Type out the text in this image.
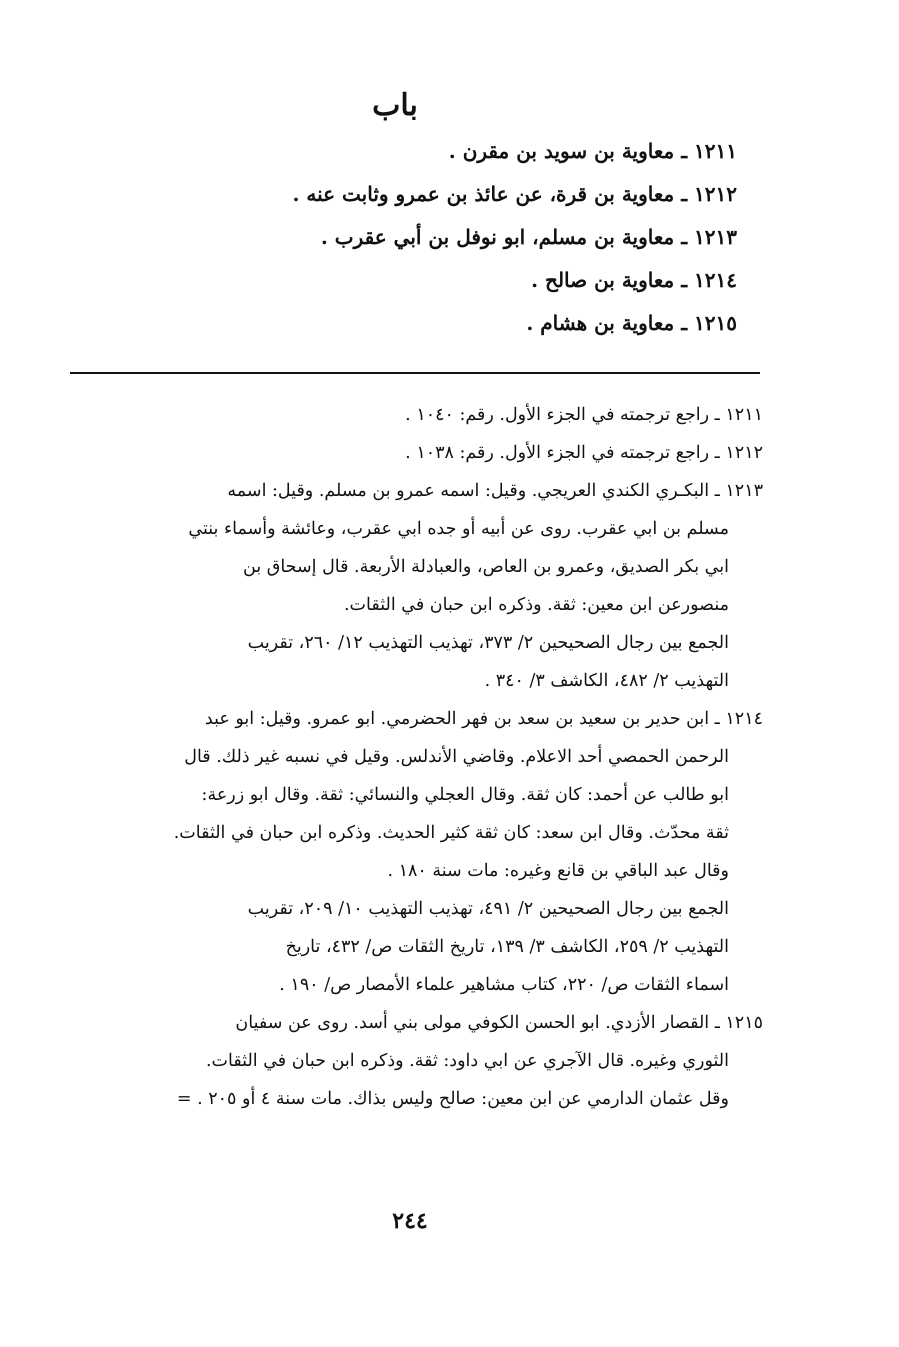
باب
١٢١١ ـ معاوية بن سويد بن مقرن .
١٢١٢ ـ معاوية بن قرة، عن عائذ بن عمرو وثابت عنه .
١٢١٣ ـ معاوية بن مسلم، ابو نوفل بن أبي عقرب .
١٢١٤ ـ معاوية بن صالح .
١٢١٥ ـ معاوية بن هشام .
١٢١١ ـ راجع ترجمته في الجزء الأول. رقم: ١٠٤٠ .
١٢١٢ ـ راجع ترجمته في الجزء الأول. رقم: ١٠٣٨ .
١٢١٣ ـ البكـري الكندي العريجي. وقيل: اسمه عمرو بن مسلم. وقيل: اسمه
مسلم بن ابي عقرب. روى عن أبيه أو جده ابي عقرب، وعائشة وأسماء بنتي
ابي بكر الصديق، وعمرو بن العاص، والعبادلة الأربعة. قال إسحاق بن
منصورعن ابن معين: ثقة. وذكره ابن حبان في الثقات.
الجمع بين رجال الصحيحين ٢/ ٣٧٣، تهذيب التهذيب ١٢/ ٢٦٠، تقريب
التهذيب ٢/ ٤٨٢، الكاشف ٣/ ٣٤٠ .
١٢١٤ ـ ابن حدير بن سعيد بن سعد بن فهر الحضرمي. ابو عمرو. وقيل: ابو عبد
الرحمن الحمصي أحد الاعلام. وقاضي الأندلس. وقيل في نسبه غير ذلك. قال
ابو طالب عن أحمد: كان ثقة. وقال العجلي والنسائي: ثقة. وقال ابو زرعة:
ثقة محدّث. وقال ابن سعد: كان ثقة كثير الحديث. وذكره ابن حبان في الثقات.
وقال عبد الباقي بن قانع وغيره: مات سنة ١٨٠ .
الجمع بين رجال الصحيحين ٢/ ٤٩١، تهذيب التهذيب ١٠/ ٢٠٩، تقريب
التهذيب ٢/ ٢٥٩، الكاشف ٣/ ١٣٩، تاريخ الثقات ص/ ٤٣٢، تاريخ
اسماء الثقات ص/ ٢٢٠، كتاب مشاهير علماء الأمصار ص/ ١٩٠ .
١٢١٥ ـ القصار الأزدي. ابو الحسن الكوفي مولى بني أسد. روى عن سفيان
الثوري وغيره. قال الآجري عن ابي داود: ثقة. وذكره ابن حبان في الثقات.
وقل عثمان الدارمي عن ابن معين: صالح وليس بذاك. مات سنة ٤ أو ٢٠٥ . =
٢٤٤
